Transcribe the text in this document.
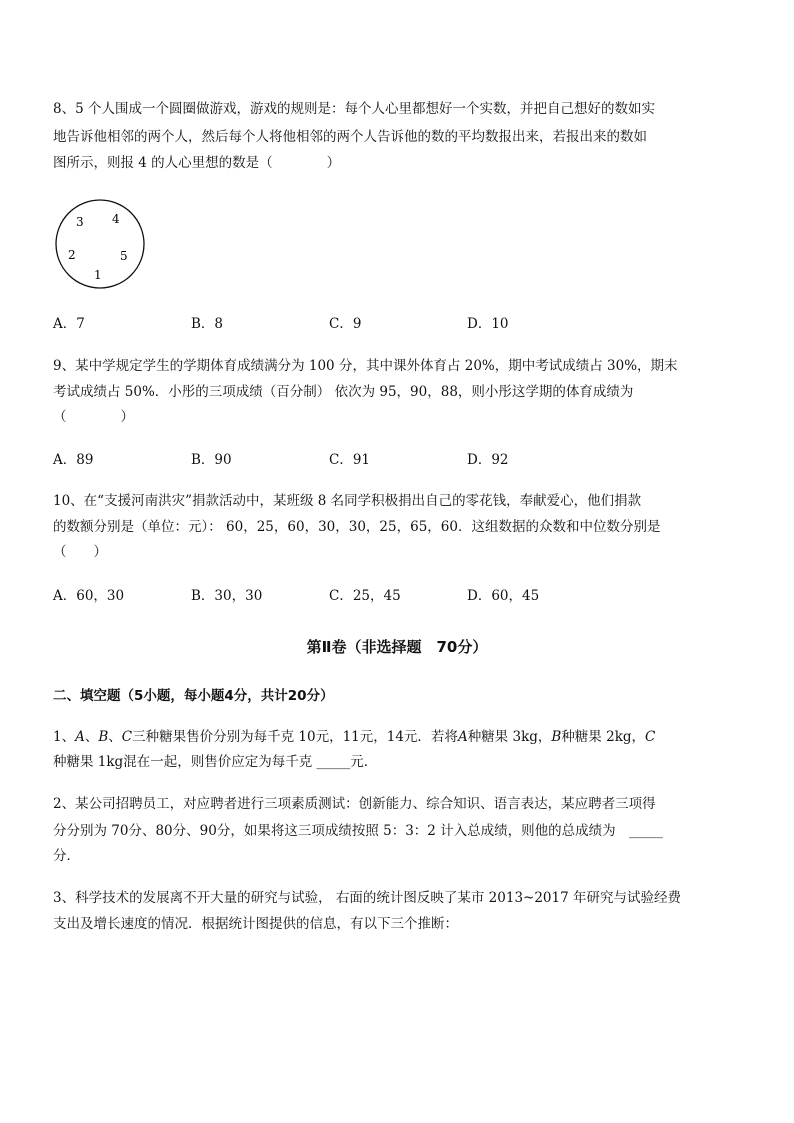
8、5 个人围成一个圆圈做游戏，游戏的规则是：每个人心里都想好一个实数，并把自己想好的数如实
地告诉他相邻的两个人，然后每个人将他相邻的两个人告诉他的数的平均数报出来，若报出来的数如
图所示，则报 4 的人心里想的数是（　　　　）
3 4
2	5
1
A．7	B．8	C．9	D．10
9、某中学规定学生的学期体育成绩满分为 100 分，其中课外体育占 20%，期中考试成绩占 30%，期末
考试成绩占 50%．小彤的三项成绩（百分制） 依次为 95，90，88，则小彤这学期的体育成绩为
（　　　　）
A．89	B．90	C．91	D．92
10、在“支援河南洪灾”捐款活动中，某班级 8 名同学积极捐出自己的零花钱，奉献爱心，他们捐款
的数额分别是（单位：元）： 60，25，60，30，30，25，65，60．这组数据的众数和中位数分别是
（　　）
A．60，30	B．30，30	C．25，45	D．60，45
第Ⅱ卷（非选择题　70分）
二、填空题（5小题，每小题4分，共计20分）
1、A、B、C三种糖果售价分别为每千克 10元，11元，14元．若将A种糖果 3kg，B种糖果 2kg，C
种糖果 1kg混在一起，则售价应定为每千克 _____元．
2、某公司招聘员工，对应聘者进行三项素质测试：创新能力、综合知识、语言表达，某应聘者三项得
分分别为 70分、80分、90分，如果将这三项成绩按照 5：3：2 计入总成绩，则他的总成绩为　_____
分．
3、科学技术的发展离不开大量的研究与试验， 右面的统计图反映了某市 2013~2017 年研究与试验经费
支出及增长速度的情况．根据统计图提供的信息，有以下三个推断：
